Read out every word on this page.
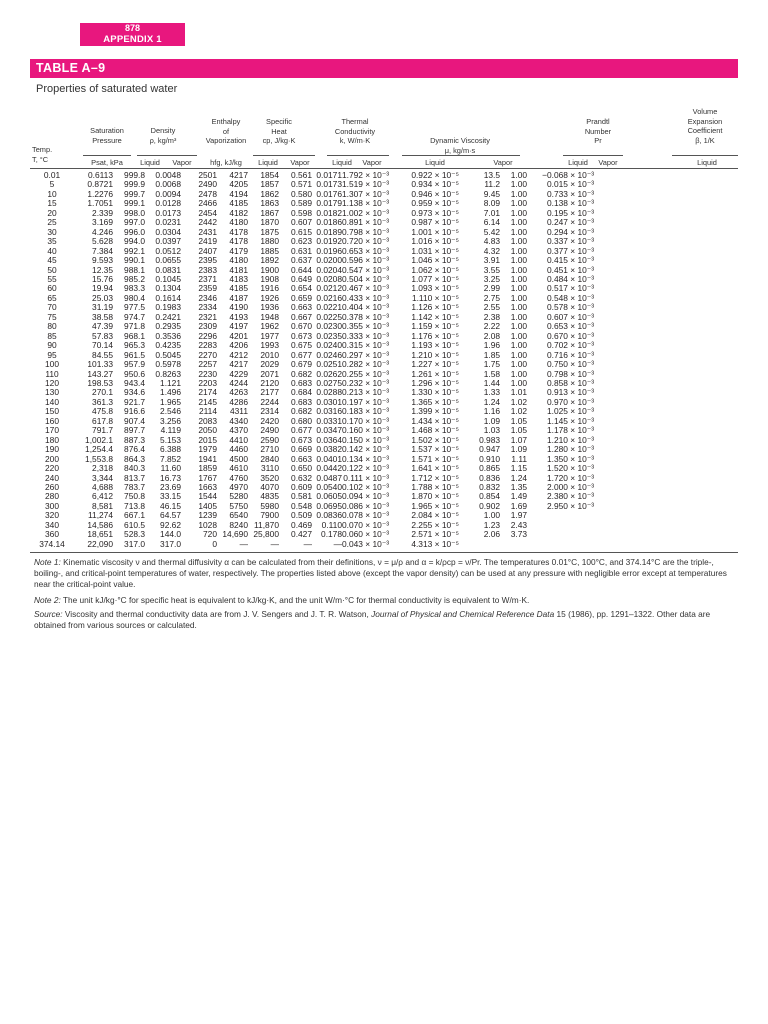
878
APPENDIX 1
TABLE A–9
Properties of saturated water
Temp.
T, °C
Saturation
Pressure
Density
ρ, kg/m³
Enthalpy
of
Vaporization
Specific
Heat
cp, J/kg·K
Thermal
Conductivity
k, W/m·K	Dynamic Viscosity
μ, kg/m·s
Prandtl
Number
Pr
Volume
Expansion
Coefficient
β, 1/K
Psat, kPa	Liquid	Vapor	hfg, kJ/kg	Liquid	Vapor	Liquid	Vapor	Liquid	Vapor	Liquid	Vapor	Liquid
0.01	0.6113	999.8	0.0048	2501	4217	1854	0.561	0.0171	1.792 × 10⁻³	0.922 × 10⁻⁵		13.5	1.00	−0.068 × 10⁻³
5	0.8721	999.9	0.0068	2490	4205	1857	0.571	0.0173	1.519 × 10⁻³	0.934 × 10⁻⁵		11.2	1.00	0.015 × 10⁻³
10	1.2276	999.7	0.0094	2478	4194	1862	0.580	0.0176	1.307 × 10⁻³	0.946 × 10⁻⁵		9.45	1.00	0.733 × 10⁻³
15	1.7051	999.1	0.0128	2466	4185	1863	0.589	0.0179	1.138 × 10⁻³	0.959 × 10⁻⁵		8.09	1.00	0.138 × 10⁻³
20	2.339	998.0	0.0173	2454	4182	1867	0.598	0.0182	1.002 × 10⁻³	0.973 × 10⁻⁵		7.01	1.00	0.195 × 10⁻³
25	3.169	997.0	0.0231	2442	4180	1870	0.607	0.0186	0.891 × 10⁻³	0.987 × 10⁻⁵		6.14	1.00	0.247 × 10⁻³
30	4.246	996.0	0.0304	2431	4178	1875	0.615	0.0189	0.798 × 10⁻³	1.001 × 10⁻⁵		5.42	1.00	0.294 × 10⁻³
35	5.628	994.0	0.0397	2419	4178	1880	0.623	0.0192	0.720 × 10⁻³	1.016 × 10⁻⁵		4.83	1.00	0.337 × 10⁻³
40	7.384	992.1	0.0512	2407	4179	1885	0.631	0.0196	0.653 × 10⁻³	1.031 × 10⁻⁵		4.32	1.00	0.377 × 10⁻³
45	9.593	990.1	0.0655	2395	4180	1892	0.637	0.0200	0.596 × 10⁻³	1.046 × 10⁻⁵		3.91	1.00	0.415 × 10⁻³
50	12.35	988.1	0.0831	2383	4181	1900	0.644	0.0204	0.547 × 10⁻³	1.062 × 10⁻⁵		3.55	1.00	0.451 × 10⁻³
55	15.76	985.2	0.1045	2371	4183	1908	0.649	0.0208	0.504 × 10⁻³	1.077 × 10⁻⁵		3.25	1.00	0.484 × 10⁻³
60	19.94	983.3	0.1304	2359	4185	1916	0.654	0.0212	0.467 × 10⁻³	1.093 × 10⁻⁵		2.99	1.00	0.517 × 10⁻³
65	25.03	980.4	0.1614	2346	4187	1926	0.659	0.0216	0.433 × 10⁻³	1.110 × 10⁻⁵		2.75	1.00	0.548 × 10⁻³
70	31.19	977.5	0.1983	2334	4190	1936	0.663	0.0221	0.404 × 10⁻³	1.126 × 10⁻⁵		2.55	1.00	0.578 × 10⁻³
75	38.58	974.7	0.2421	2321	4193	1948	0.667	0.0225	0.378 × 10⁻³	1.142 × 10⁻⁵		2.38	1.00	0.607 × 10⁻³
80	47.39	971.8	0.2935	2309	4197	1962	0.670	0.0230	0.355 × 10⁻³	1.159 × 10⁻⁵		2.22	1.00	0.653 × 10⁻³
85	57.83	968.1	0.3536	2296	4201	1977	0.673	0.0235	0.333 × 10⁻³	1.176 × 10⁻⁵		2.08	1.00	0.670 × 10⁻³
90	70.14	965.3	0.4235	2283	4206	1993	0.675	0.0240	0.315 × 10⁻³	1.193 × 10⁻⁵		1.96	1.00	0.702 × 10⁻³
95	84.55	961.5	0.5045	2270	4212	2010	0.677	0.0246	0.297 × 10⁻³	1.210 × 10⁻⁵		1.85	1.00	0.716 × 10⁻³
100	101.33	957.9	0.5978	2257	4217	2029	0.679	0.0251	0.282 × 10⁻³	1.227 × 10⁻⁵		1.75	1.00	0.750 × 10⁻³
110	143.27	950.6	0.8263	2230	4229	2071	0.682	0.0262	0.255 × 10⁻³	1.261 × 10⁻⁵		1.58	1.00	0.798 × 10⁻³
120	198.53	943.4	1.121	2203	4244	2120	0.683	0.0275	0.232 × 10⁻³	1.296 × 10⁻⁵		1.44	1.00	0.858 × 10⁻³
130	270.1	934.6	1.496	2174	4263	2177	0.684	0.0288	0.213 × 10⁻³	1.330 × 10⁻⁵		1.33	1.01	0.913 × 10⁻³
140	361.3	921.7	1.965	2145	4286	2244	0.683	0.0301	0.197 × 10⁻³	1.365 × 10⁻⁵		1.24	1.02	0.970 × 10⁻³
150	475.8	916.6	2.546	2114	4311	2314	0.682	0.0316	0.183 × 10⁻³	1.399 × 10⁻⁵		1.16	1.02	1.025 × 10⁻³
160	617.8	907.4	3.256	2083	4340	2420	0.680	0.0331	0.170 × 10⁻³	1.434 × 10⁻⁵		1.09	1.05	1.145 × 10⁻³
170	791.7	897.7	4.119	2050	4370	2490	0.677	0.0347	0.160 × 10⁻³	1.468 × 10⁻⁵		1.03	1.05	1.178 × 10⁻³
180	1,002.1	887.3	5.153	2015	4410	2590	0.673	0.0364	0.150 × 10⁻³	1.502 × 10⁻⁵		0.983	1.07	1.210 × 10⁻³
190	1,254.4	876.4	6.388	1979	4460	2710	0.669	0.0382	0.142 × 10⁻³	1.537 × 10⁻⁵		0.947	1.09	1.280 × 10⁻³
200	1,553.8	864.3	7.852	1941	4500	2840	0.663	0.0401	0.134 × 10⁻³	1.571 × 10⁻⁵		0.910	1.11	1.350 × 10⁻³
220	2,318	840.3	11.60	1859	4610	3110	0.650	0.0442	0.122 × 10⁻³	1.641 × 10⁻⁵		0.865	1.15	1.520 × 10⁻³
240	3,344	813.7	16.73	1767	4760	3520	0.632	0.0487	0.111 × 10⁻³	1.712 × 10⁻⁵		0.836	1.24	1.720 × 10⁻³
260	4,688	783.7	23.69	1663	4970	4070	0.609	0.0540	0.102 × 10⁻³	1.788 × 10⁻⁵		0.832	1.35	2.000 × 10⁻³
280	6,412	750.8	33.15	1544	5280	4835	0.581	0.0605	0.094 × 10⁻³	1.870 × 10⁻⁵		0.854	1.49	2.380 × 10⁻³
300	8,581	713.8	46.15	1405	5750	5980	0.548	0.0695	0.086 × 10⁻³	1.965 × 10⁻⁵		0.902	1.69	2.950 × 10⁻³
320	11,274	667.1	64.57	1239	6540	7900	0.509	0.0836	0.078 × 10⁻³	2.084 × 10⁻⁵		1.00	1.97	
340	14,586	610.5	92.62	1028	8240	11,870	0.469	0.110	0.070 × 10⁻³	2.255 × 10⁻⁵		1.23	2.43	
360	18,651	528.3	144.0	720	14,690	25,800	0.427	0.178	0.060 × 10⁻³	2.571 × 10⁻⁵		2.06	3.73	
374.14	22,090	317.0	317.0	0	—	—	—	—	0.043 × 10⁻³	4.313 × 10⁻⁵				
Note 1: Kinematic viscosity ν and thermal diffusivity α can be calculated from their definitions, ν = μ/ρ and α = k/ρcp = ν/Pr. The temperatures 0.01°C, 100°C, and 374.14°C are the triple-, boiling-, and critical-point temperatures of water, respectively. The properties listed above (except the vapor density) can be used at any pressure with negligible error except at temperatures near the critical-point value.
Note 2: The unit kJ/kg·°C for specific heat is equivalent to kJ/kg·K, and the unit W/m·°C for thermal conductivity is equivalent to W/m·K.
Source: Viscosity and thermal conductivity data are from J. V. Sengers and J. T. R. Watson, Journal of Physical and Chemical Reference Data 15 (1986), pp. 1291–1322. Other data are obtained from various sources or calculated.
